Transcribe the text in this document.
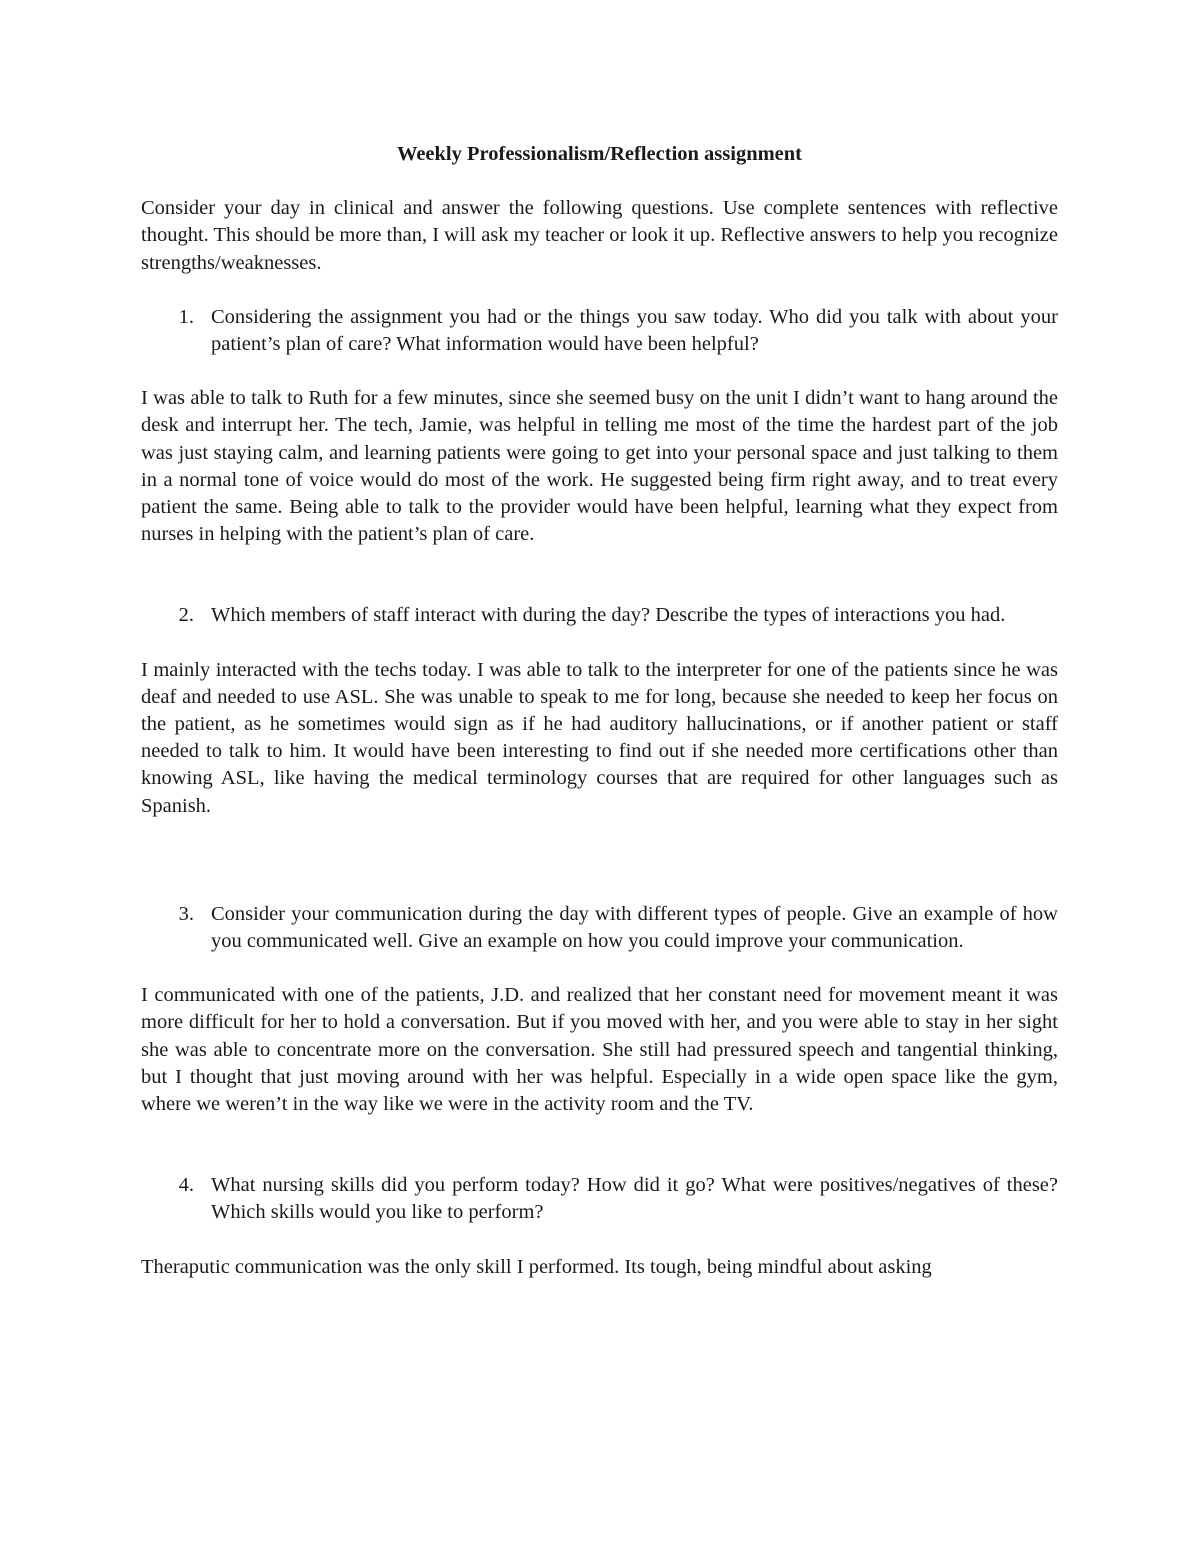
Weekly Professionalism/Reflection assignment

Consider your day in clinical and answer the following questions. Use complete sentences with reflective thought. This should be more than, I will ask my teacher or look it up. Reflective answers to help you recognize strengths/weaknesses.

1. Considering the assignment you had or the things you saw today. Who did you talk with about your patient’s plan of care? What information would have been helpful?

I was able to talk to Ruth for a few minutes, since she seemed busy on the unit I didn’t want to hang around the desk and interrupt her. The tech, Jamie, was helpful in telling me most of the time the hardest part of the job was just staying calm, and learning patients were going to get into your personal space and just talking to them in a normal tone of voice would do most of the work. He suggested being firm right away, and to treat every patient the same. Being able to talk to the provider would have been helpful, learning what they expect from nurses in helping with the patient’s plan of care.

2. Which members of staff interact with during the day? Describe the types of interactions you had.

I mainly interacted with the techs today. I was able to talk to the interpreter for one of the patients since he was deaf and needed to use ASL. She was unable to speak to me for long, because she needed to keep her focus on the patient, as he sometimes would sign as if he had auditory hallucinations, or if another patient or staff needed to talk to him. It would have been interesting to find out if she needed more certifications other than knowing ASL, like having the medical terminology courses that are required for other languages such as Spanish.

3. Consider your communication during the day with different types of people. Give an example of how you communicated well. Give an example on how you could improve your communication.

I communicated with one of the patients, J.D. and realized that her constant need for movement meant it was more difficult for her to hold a conversation. But if you moved with her, and you were able to stay in her sight she was able to concentrate more on the conversation. She still had pressured speech and tangential thinking, but I thought that just moving around with her was helpful. Especially in a wide open space like the gym, where we weren’t in the way like we were in the activity room and the TV.

4. What nursing skills did you perform today? How did it go? What were positives/negatives of these? Which skills would you like to perform?

Theraputic communication was the only skill I performed. Its tough, being mindful about asking
